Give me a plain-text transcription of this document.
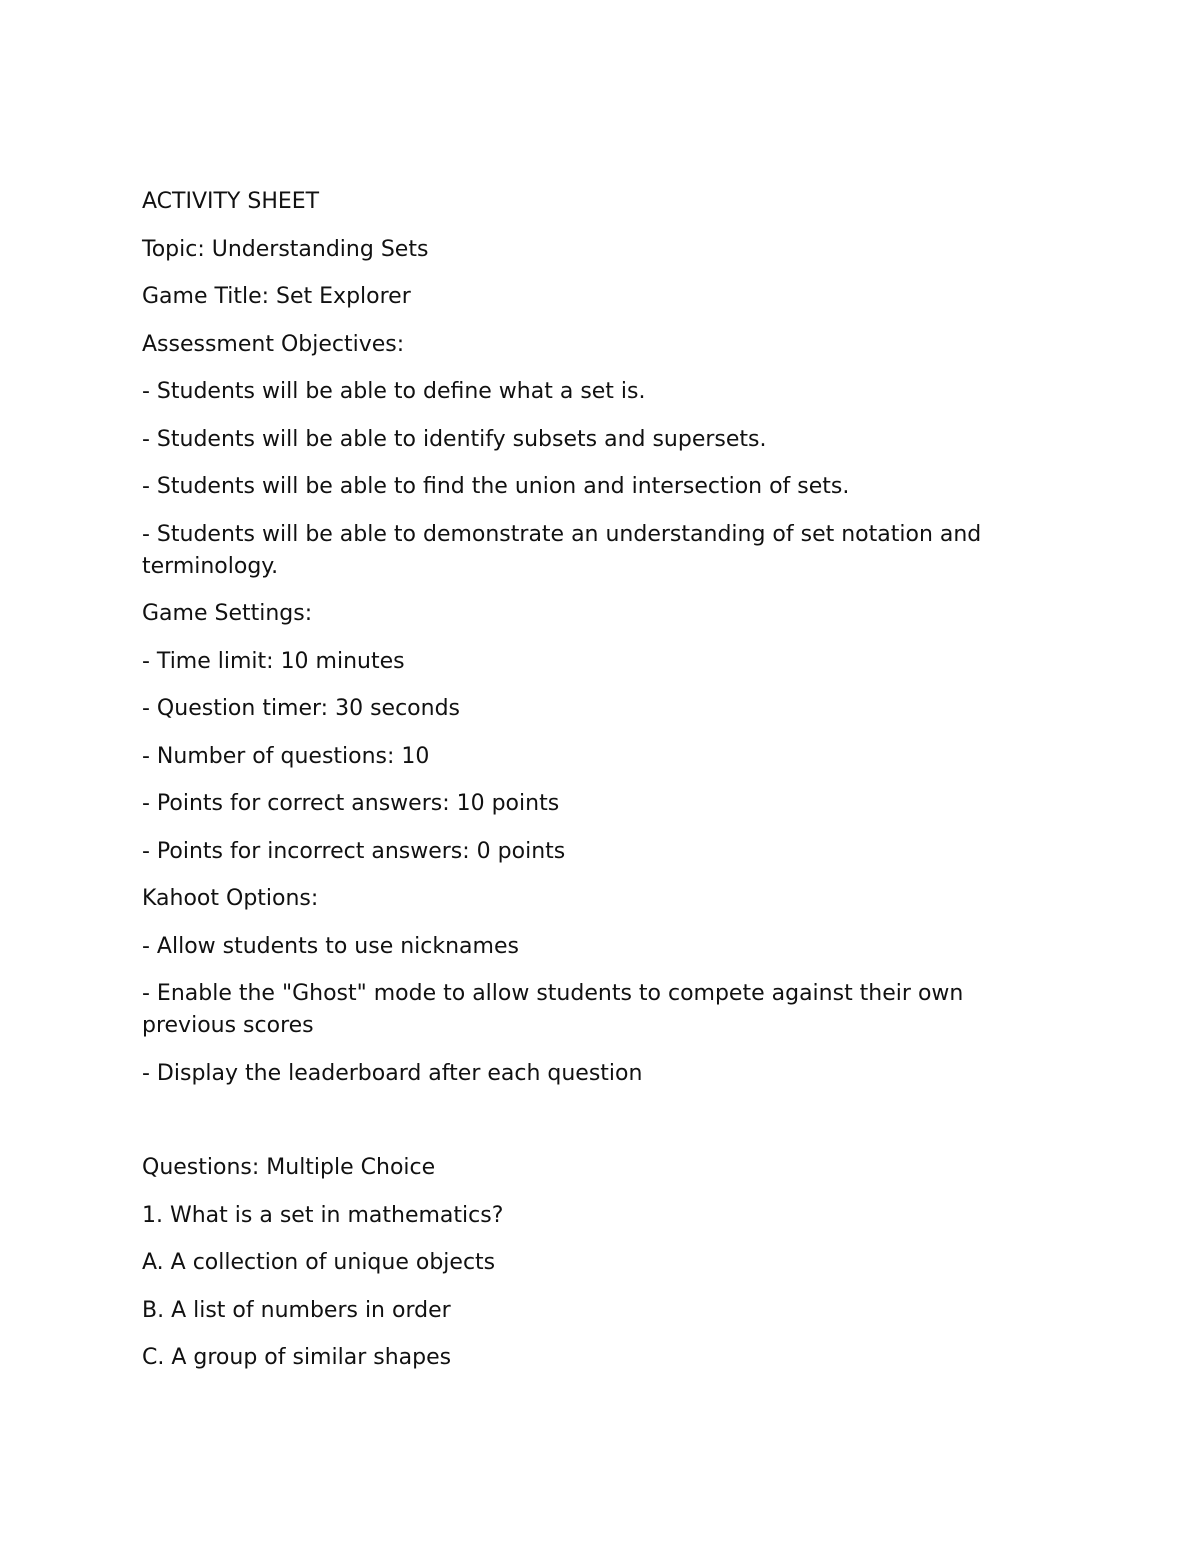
ACTIVITY SHEET

Topic: Understanding Sets

Game Title: Set Explorer

Assessment Objectives:

- Students will be able to define what a set is.

- Students will be able to identify subsets and supersets.

- Students will be able to find the union and intersection of sets.

- Students will be able to demonstrate an understanding of set notation and terminology.

Game Settings:

- Time limit: 10 minutes

- Question timer: 30 seconds

- Number of questions: 10

- Points for correct answers: 10 points

- Points for incorrect answers: 0 points

Kahoot Options:

- Allow students to use nicknames

- Enable the "Ghost" mode to allow students to compete against their own previous scores

- Display the leaderboard after each question

Questions: Multiple Choice

1. What is a set in mathematics?

A. A collection of unique objects

B. A list of numbers in order

C. A group of similar shapes
